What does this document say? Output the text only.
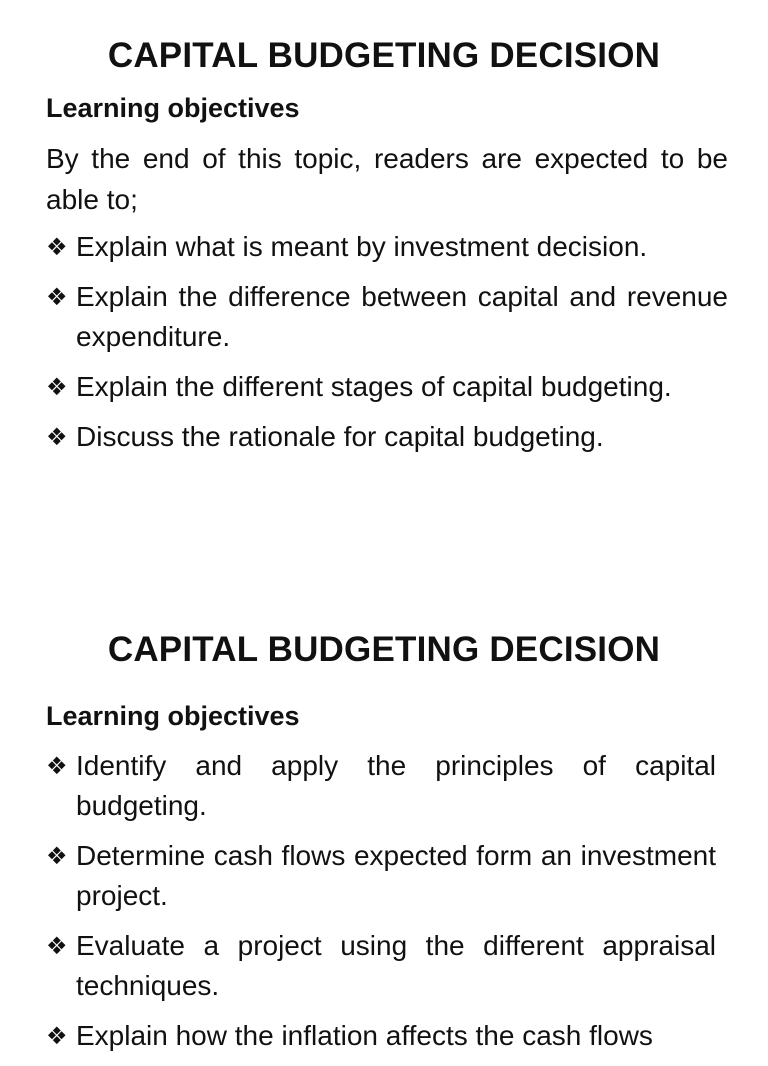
CAPITAL BUDGETING DECISION
Learning objectives

By the end of this topic, readers are expected to be able to;

❖ Explain what is meant by investment decision.
❖ Explain the difference between capital and revenue expenditure.
❖ Explain the different stages of capital budgeting.
❖ Discuss the rationale for capital budgeting.
CAPITAL BUDGETING DECISION
Learning objectives
❖ Identify and apply the principles of capital budgeting.
❖ Determine cash flows expected form an investment project.
❖ Evaluate a project using the different appraisal techniques.
❖ Explain how the inflation affects the cash flows
